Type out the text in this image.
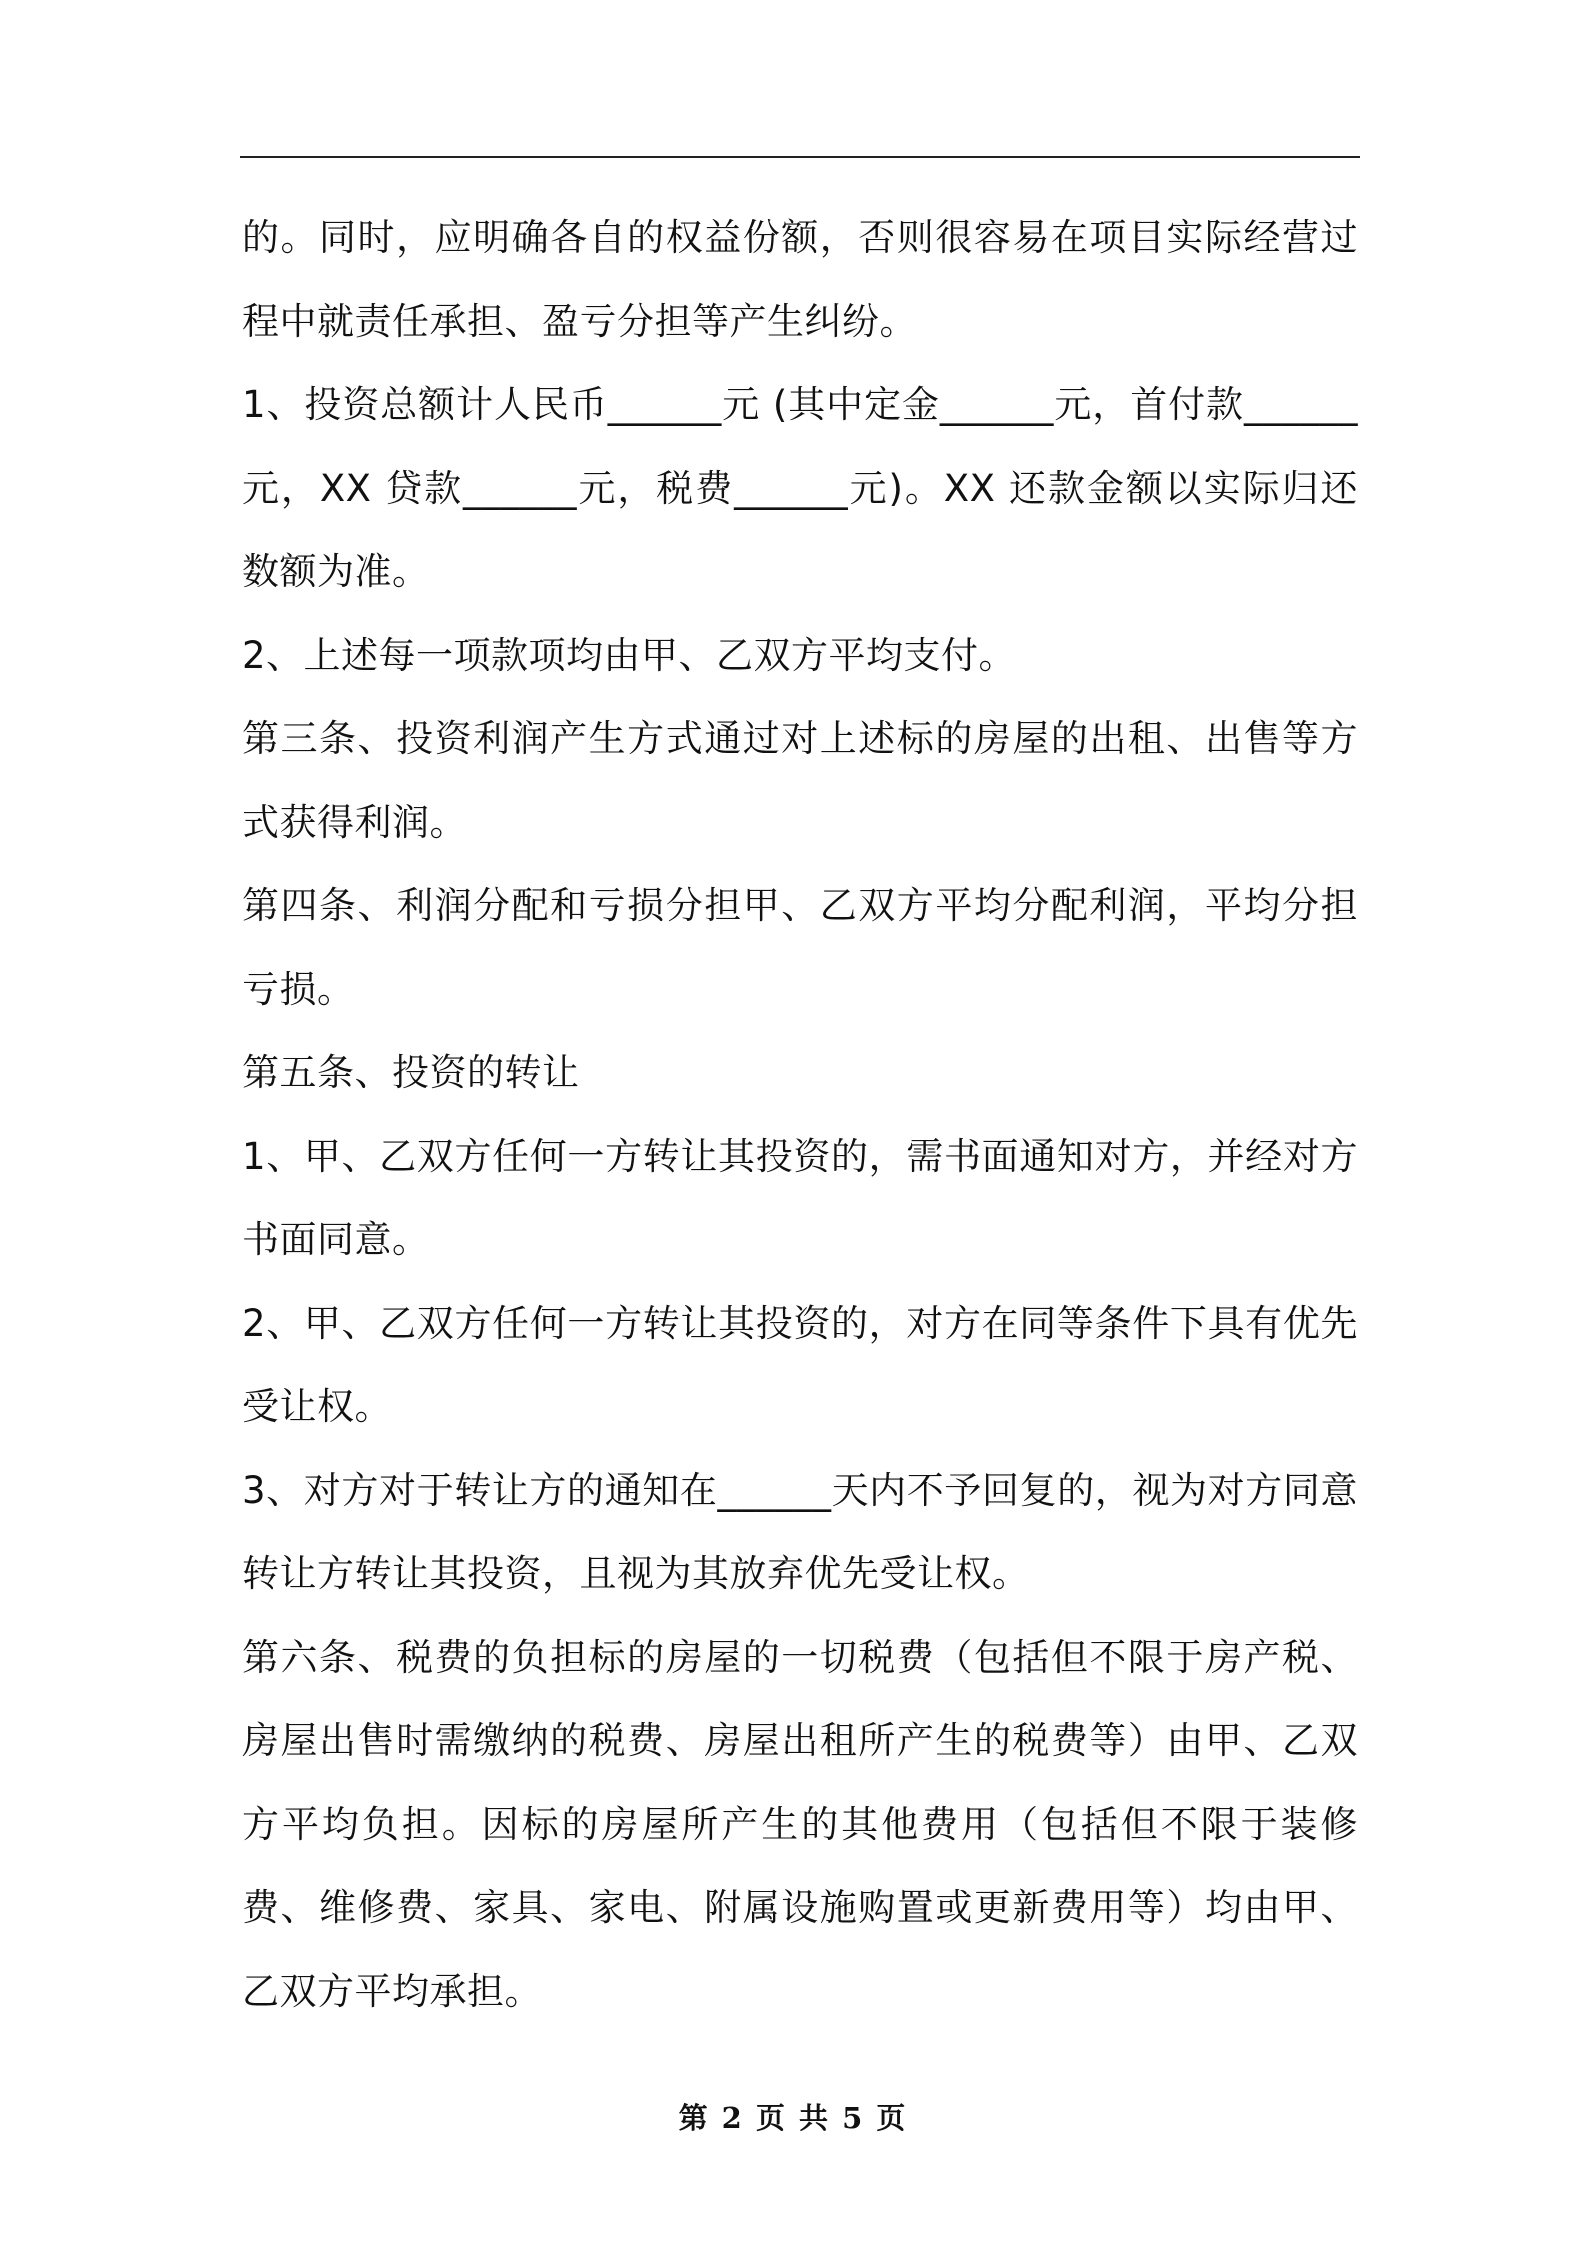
的。同时，应明确各自的权益份额，否则很容易在项目实际经营过程中就责任承担、盈亏分担等产生纠纷。

1、投资总额计人民币______元 (其中定金______元，首付款______元，XX 贷款______元，税费______元)。XX 还款金额以实际归还数额为准。

2、上述每一项款项均由甲、乙双方平均支付。

第三条、投资利润产生方式通过对上述标的房屋的出租、出售等方式获得利润。

第四条、利润分配和亏损分担甲、乙双方平均分配利润，平均分担亏损。

第五条、投资的转让

1、甲、乙双方任何一方转让其投资的，需书面通知对方，并经对方书面同意。

2、甲、乙双方任何一方转让其投资的，对方在同等条件下具有优先受让权。

3、对方对于转让方的通知在______天内不予回复的，视为对方同意转让方转让其投资，且视为其放弃优先受让权。

第六条、税费的负担标的房屋的一切税费（包括但不限于房产税、房屋出售时需缴纳的税费、房屋出租所产生的税费等）由甲、乙双方平均负担。因标的房屋所产生的其他费用（包括但不限于装修费、维修费、家具、家电、附属设施购置或更新费用等）均由甲、乙双方平均承担。

第 2 页 共 5 页
